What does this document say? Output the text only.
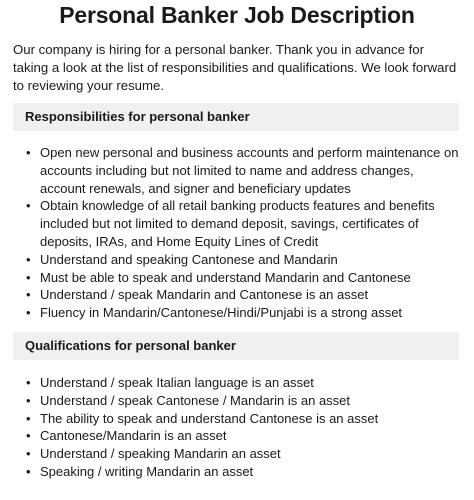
Personal Banker Job Description

Our company is hiring for a personal banker. Thank you in advance for taking a look at the list of responsibilities and qualifications. We look forward to reviewing your resume.

Responsibilities for personal banker
• Open new personal and business accounts and perform maintenance on accounts including but not limited to name and address changes, account renewals, and signer and beneficiary updates
• Obtain knowledge of all retail banking products features and benefits included but not limited to demand deposit, savings, certificates of deposits, IRAs, and Home Equity Lines of Credit
• Understand and speaking Cantonese and Mandarin
• Must be able to speak and understand Mandarin and Cantonese
• Understand / speak Mandarin and Cantonese is an asset
• Fluency in Mandarin/Cantonese/Hindi/Punjabi is a strong asset
Qualifications for personal banker
• Understand / speak Italian language is an asset
• Understand / speak Cantonese / Mandarin is an asset
• The ability to speak and understand Cantonese is an asset
• Cantonese/Mandarin is an asset
• Understand / speaking Mandarin an asset
• Speaking / writing Mandarin an asset
